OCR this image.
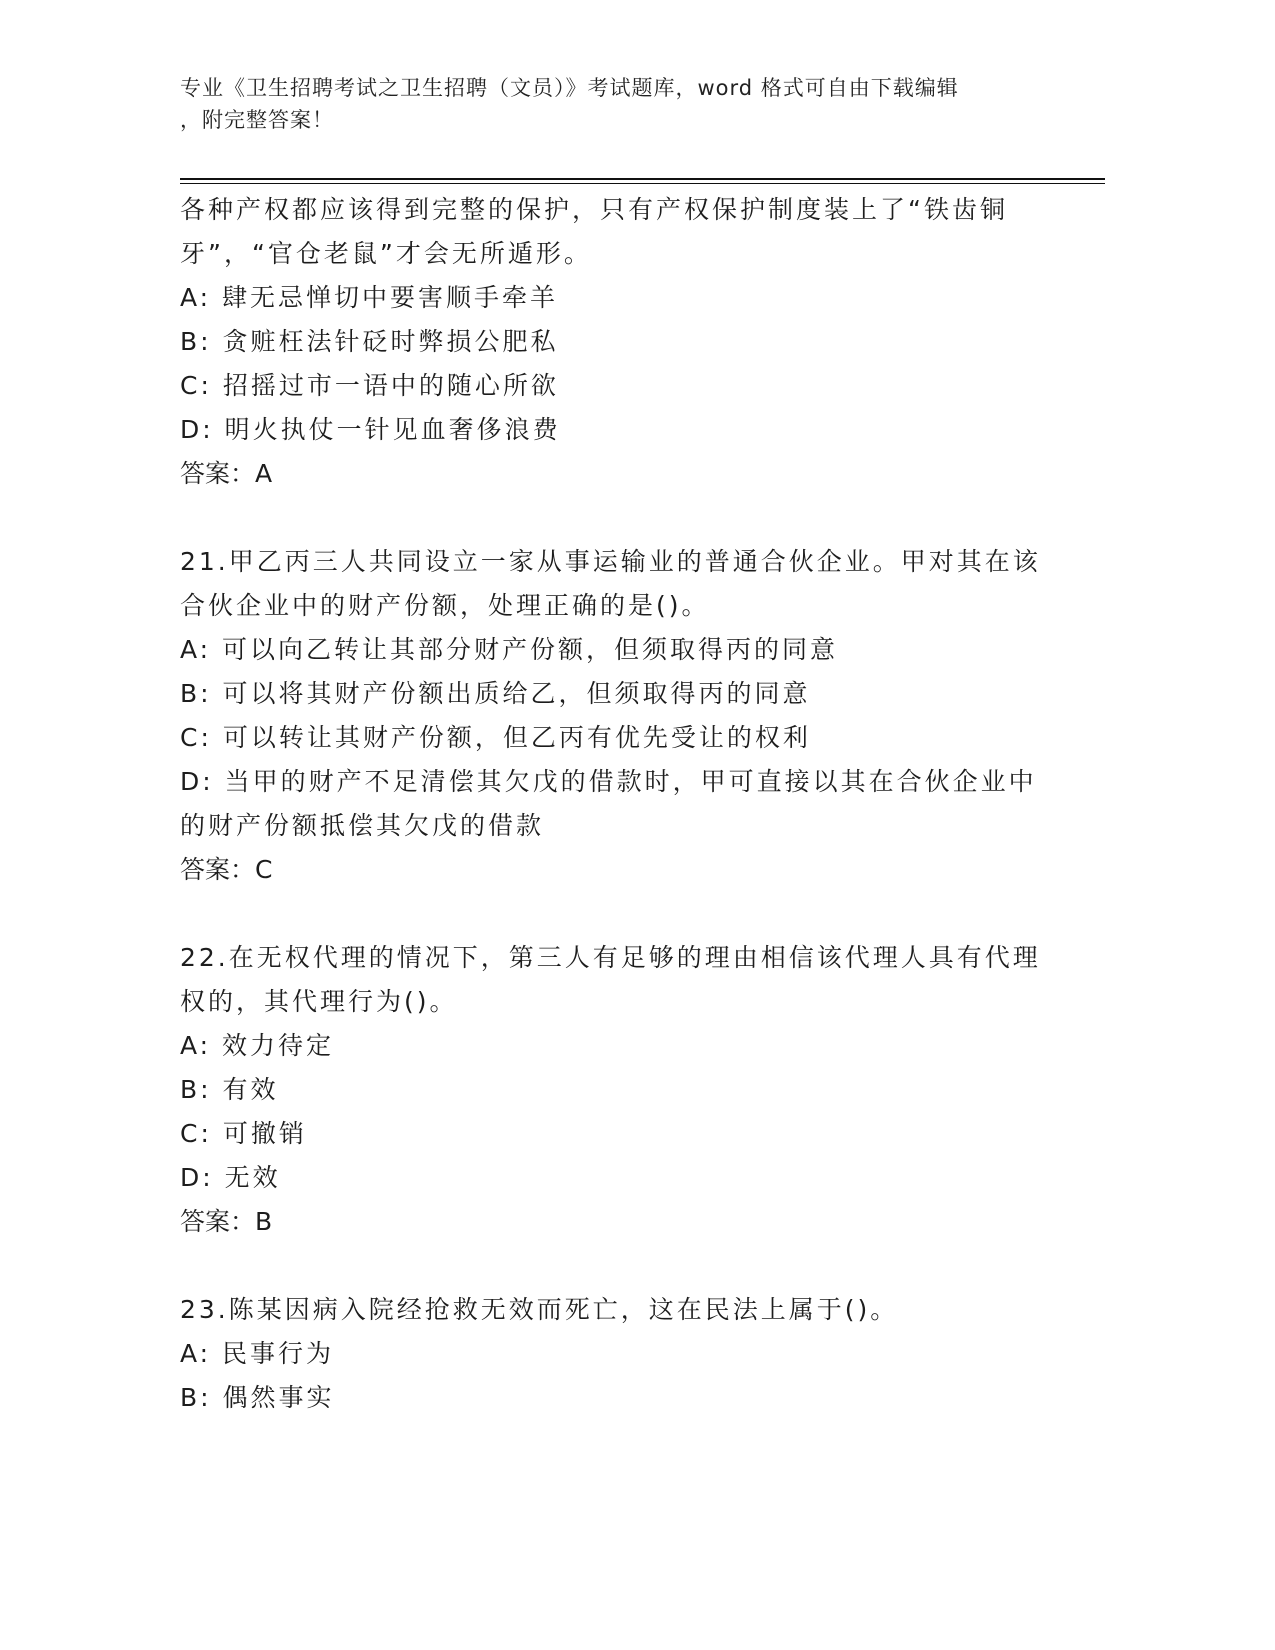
专业《卫生招聘考试之卫生招聘（文员）》考试题库，word 格式可自由下载编辑
，附完整答案！
各种产权都应该得到完整的保护，只有产权保护制度装上了“铁齿铜
牙”，“官仓老鼠”才会无所遁形。
A: 肆无忌惮切中要害顺手牵羊
B: 贪赃枉法针砭时弊损公肥私
C: 招摇过市一语中的随心所欲
D: 明火执仗一针见血奢侈浪费
答案：A
21.甲乙丙三人共同设立一家从事运输业的普通合伙企业。甲对其在该
合伙企业中的财产份额，处理正确的是()。
A: 可以向乙转让其部分财产份额，但须取得丙的同意
B: 可以将其财产份额出质给乙，但须取得丙的同意
C: 可以转让其财产份额，但乙丙有优先受让的权利
D: 当甲的财产不足清偿其欠戊的借款时，甲可直接以其在合伙企业中
的财产份额抵偿其欠戊的借款
答案：C
22.在无权代理的情况下，第三人有足够的理由相信该代理人具有代理
权的，其代理行为()。
A: 效力待定
B: 有效
C: 可撤销
D: 无效
答案：B
23.陈某因病入院经抢救无效而死亡，这在民法上属于()。
A: 民事行为
B: 偶然事实
